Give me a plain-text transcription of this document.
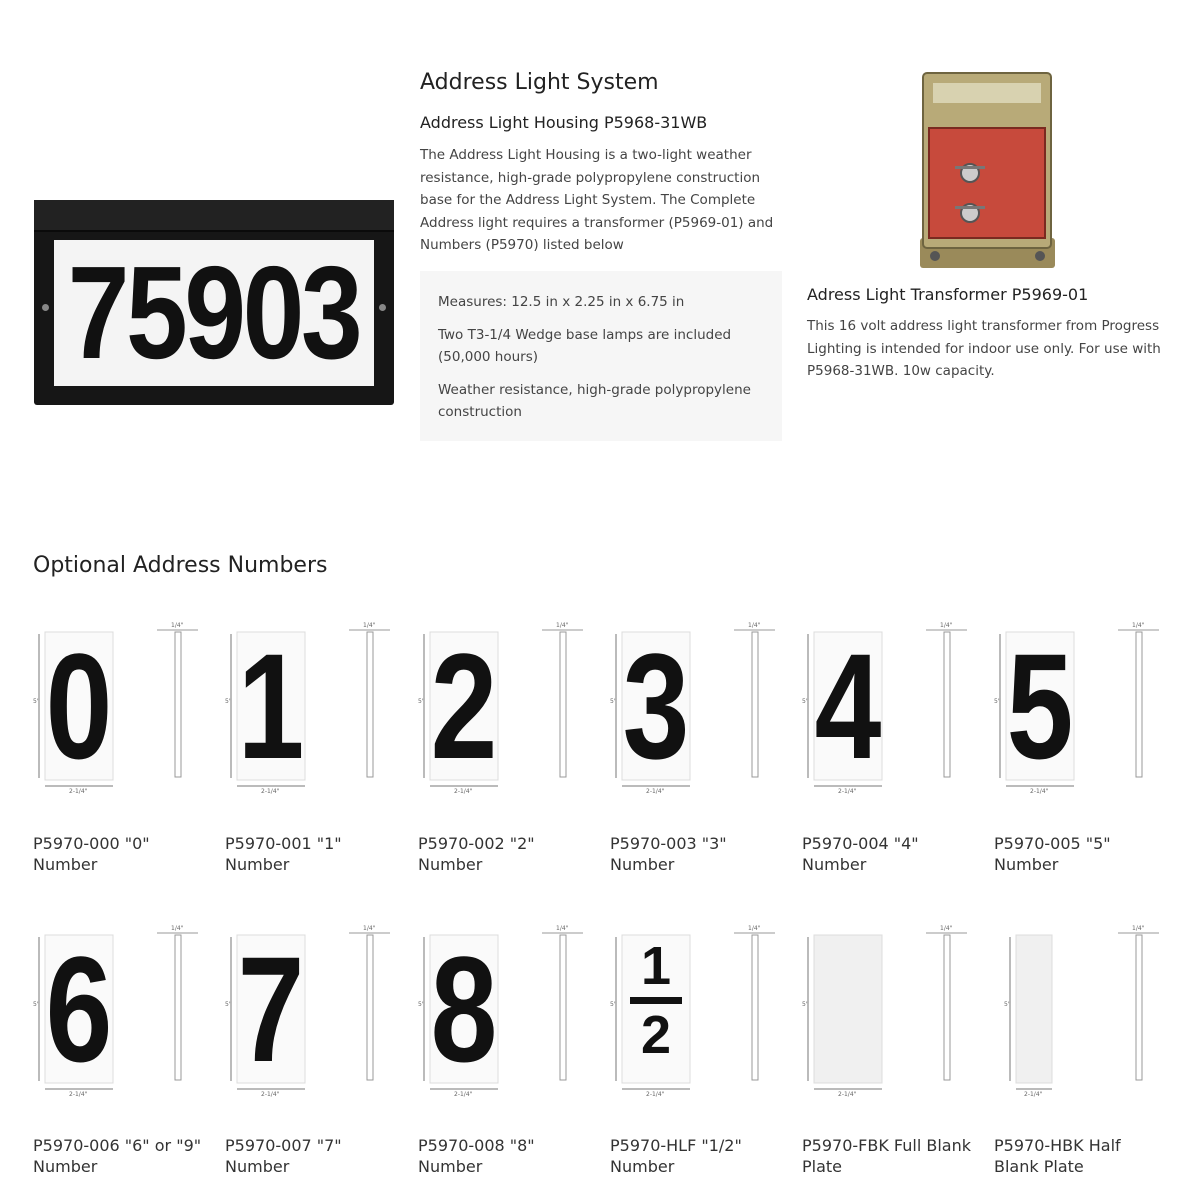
75903
Address Light System
Address Light Housing P5968-31WB

The Address Light Housing is a two-light weather

resistance, high-grade polypropylene construction

base for the Address Light System. The Complete

Address light requires a transformer (P5969-01) and

Numbers (P5970) listed below

Measures: 12.5 in x 2.25 in x 6.75 in
Two T3-1/4 Wedge base lamps are included
(50,000 hours)
Weather resistance, high-grade polypropylene
construction
Adress Light Transformer P5969-01

This 16 volt address light transformer from Progress

Lighting is intended for indoor use only. For use with

P5968-31WB. 10w capacity.

Optional Address Numbers
5"
2-1/4"
1/4"
0
P5970-000 "0"
Number
5"
2-1/4"
1/4"
1
P5970-001 "1"
Number
5"
2-1/4"
1/4"
2
P5970-002 "2"
Number
5"
2-1/4"
1/4"
3
P5970-003 "3"
Number
5"
2-1/4"
1/4"
4
P5970-004 "4"
Number
5"
2-1/4"
1/4"
5
P5970-005 "5"
Number
5"
2-1/4"
1/4"
6
P5970-006 "6" or "9"
Number
5"
2-1/4"
1/4"
7
P5970-007 "7"
Number
5"
2-1/4"
1/4"
8
P5970-008 "8"
Number
5"
2-1/4"
1/4"
1
2
P5970-HLF "1/2"
Number
5"
2-1/4"
1/4"
P5970-FBK Full Blank
Plate
5"
2-1/4"
1/4"
P5970-HBK Half
Blank Plate
